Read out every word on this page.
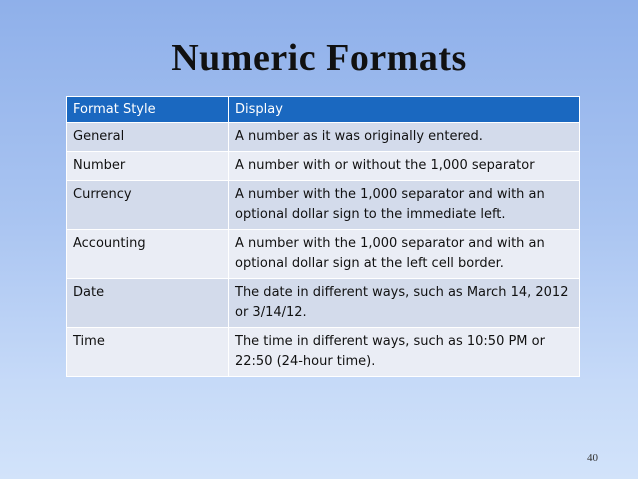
Numeric Formats
Format Style	Display
General	A number as it was originally entered.
Number	A number with or without the 1,000 separator
Currency	A number with the 1,000 separator and with an optional dollar sign to the immediate left.
Accounting	A number with the 1,000 separator and with an optional dollar sign at the left cell border.
Date	The date in different ways, such as March 14, 2012 or 3/14/12.
Time	The time in different ways, such as 10:50 PM or 22:50 (24-hour time).
40
